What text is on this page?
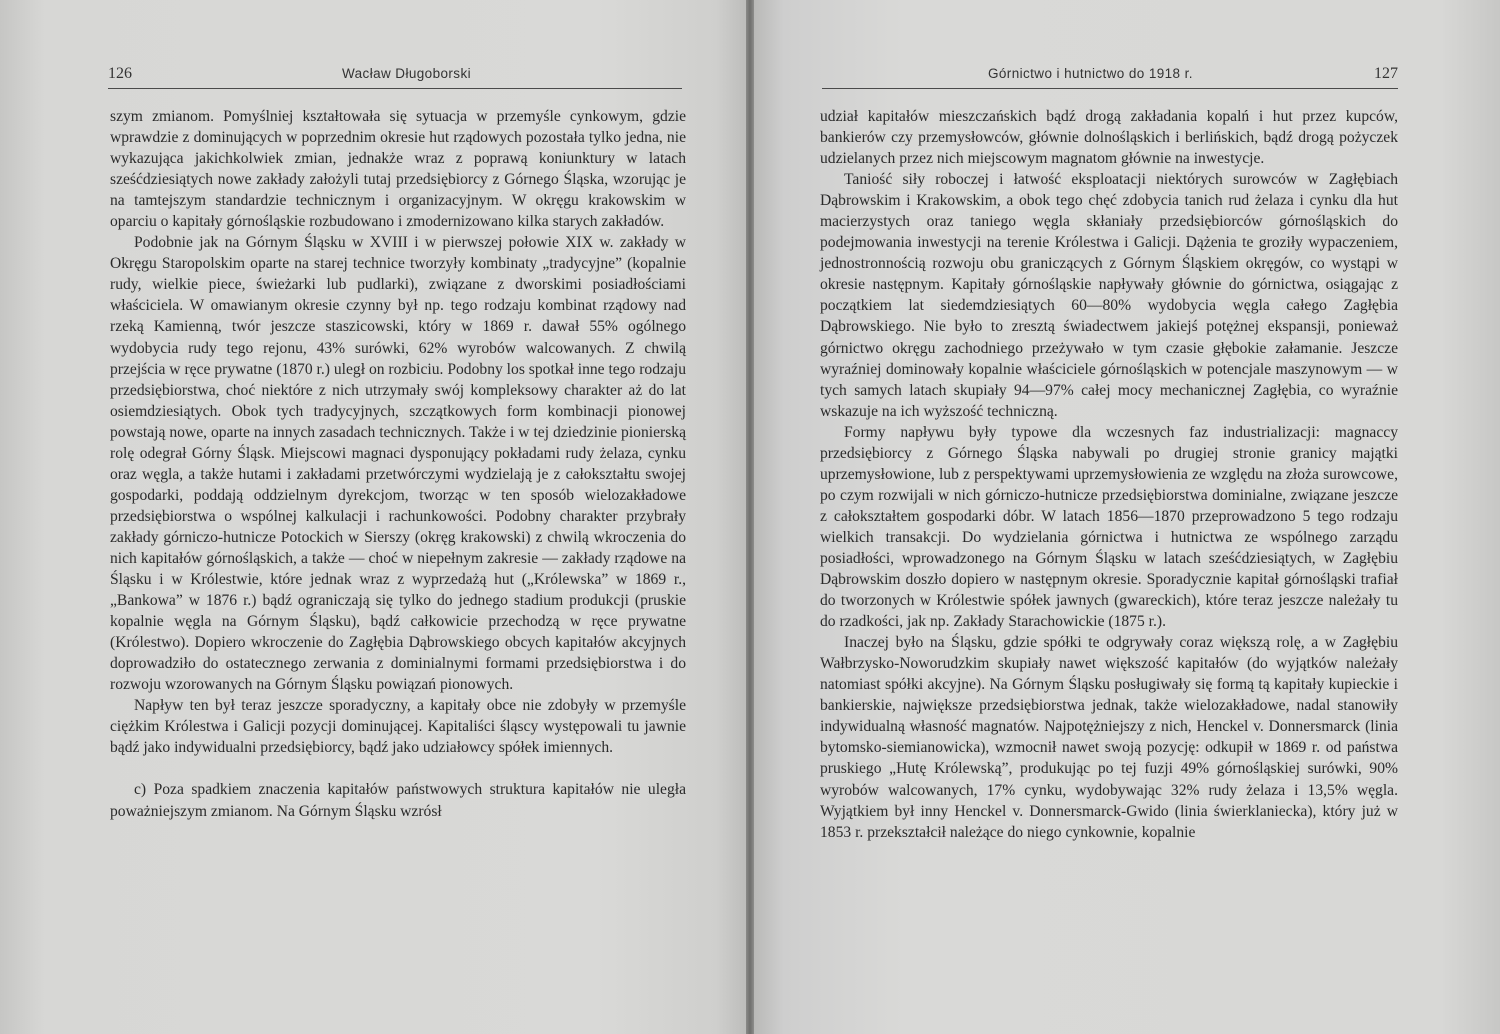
126	Wacław Długoborski

szym zmianom. Pomyślniej kształtowała się sytuacja w przemyśle cynkowym, gdzie wprawdzie z dominujących w poprzednim okresie hut rządowych pozostała tylko jedna, nie wykazująca jakichkolwiek zmian, jednakże wraz z poprawą koniunktury w latach sześćdziesiątych nowe zakłady założyli tutaj przedsiębiorcy z Górnego Śląska, wzorując je na tamtejszym standardzie technicznym i organizacyjnym. W okręgu krakowskim w oparciu o kapitały górnośląskie rozbudowano i zmodernizowano kilka starych zakładów.

Podobnie jak na Górnym Śląsku w XVIII i w pierwszej połowie XIX w. zakłady w Okręgu Staropolskim oparte na starej technice tworzyły kombinaty „tradycyjne” (kopalnie rudy, wielkie piece, świeżarki lub pudlarki), związane z dworskimi posiadłościami właściciela. W omawianym okresie czynny był np. tego rodzaju kombinat rządowy nad rzeką Kamienną, twór jeszcze staszicowski, który w 1869 r. dawał 55% ogólnego wydobycia rudy tego rejonu, 43% surówki, 62% wyrobów walcowanych. Z chwilą przejścia w ręce prywatne (1870 r.) uległ on rozbiciu. Podobny los spotkał inne tego rodzaju przedsiębiorstwa, choć niektóre z nich utrzymały swój kompleksowy charakter aż do lat osiemdziesiątych. Obok tych tradycyjnych, szczątkowych form kombinacji pionowej powstają nowe, oparte na innych zasadach technicznych. Także i w tej dziedzinie pionierską rolę odegrał Górny Śląsk. Miejscowi magnaci dysponujący pokładami rudy żelaza, cynku oraz węgla, a także hutami i zakładami przetwórczymi wydzielają je z całokształtu swojej gospodarki, poddają oddzielnym dyrekcjom, tworząc w ten sposób wielozakładowe przedsiębiorstwa o wspólnej kalkulacji i rachunkowości. Podobny charakter przybrały zakłady górniczo-hutnicze Potockich w Sierszy (okręg krakowski) z chwilą wkroczenia do nich kapitałów górnośląskich, a także — choć w niepełnym zakresie — zakłady rządowe na Śląsku i w Królestwie, które jednak wraz z wyprzedażą hut („Królewska” w 1869 r., „Bankowa” w 1876 r.) bądź ograniczają się tylko do jednego stadium produkcji (pruskie kopalnie węgla na Górnym Śląsku), bądź całkowicie przechodzą w ręce prywatne (Królestwo). Dopiero wkroczenie do Zagłębia Dąbrowskiego obcych kapitałów akcyjnych doprowadziło do ostatecznego zerwania z dominialnymi formami przedsiębiorstwa i do rozwoju wzorowanych na Górnym Śląsku powiązań pionowych.

Napływ ten był teraz jeszcze sporadyczny, a kapitały obce nie zdobyły w przemyśle ciężkim Królestwa i Galicji pozycji dominującej. Kapitaliści śląscy występowali tu jawnie bądź jako indywidualni przedsiębiorcy, bądź jako udziałowcy spółek imiennych.

c) Poza spadkiem znaczenia kapitałów państwowych struktura kapitałów nie uległa poważniejszym zmianom. Na Górnym Śląsku wzrósł

Górnictwo i hutnictwo do 1918 r.	127

udział kapitałów mieszczańskich bądź drogą zakładania kopalń i hut przez kupców, bankierów czy przemysłowców, głównie dolnośląskich i berlińskich, bądź drogą pożyczek udzielanych przez nich miejscowym magnatom głównie na inwestycje.

Taniość siły roboczej i łatwość eksploatacji niektórych surowców w Zagłębiach Dąbrowskim i Krakowskim, a obok tego chęć zdobycia tanich rud żelaza i cynku dla hut macierzystych oraz taniego węgla skłaniały przedsiębiorców górnośląskich do podejmowania inwestycji na terenie Królestwa i Galicji. Dążenia te groziły wypaczeniem, jednostronnością rozwoju obu graniczących z Górnym Śląskiem okręgów, co wystąpi w okresie następnym. Kapitały górnośląskie napływały głównie do górnictwa, osiągając z początkiem lat siedemdziesiątych 60—80% wydobycia węgla całego Zagłębia Dąbrowskiego. Nie było to zresztą świadectwem jakiejś potężnej ekspansji, ponieważ górnictwo okręgu zachodniego przeżywało w tym czasie głębokie załamanie. Jeszcze wyraźniej dominowały kopalnie właściciele górnośląskich w potencjale maszynowym — w tych samych latach skupiały 94—97% całej mocy mechanicznej Zagłębia, co wyraźnie wskazuje na ich wyższość techniczną.

Formy napływu były typowe dla wczesnych faz industrializacji: magnaccy przedsiębiorcy z Górnego Śląska nabywali po drugiej stronie granicy majątki uprzemysłowione, lub z perspektywami uprzemysłowienia ze względu na złoża surowcowe, po czym rozwijali w nich górniczo-hutnicze przedsiębiorstwa dominialne, związane jeszcze z całokształtem gospodarki dóbr. W latach 1856—1870 przeprowadzono 5 tego rodzaju wielkich transakcji. Do wydzielania górnictwa i hutnictwa ze wspólnego zarządu posiadłości, wprowadzonego na Górnym Śląsku w latach sześćdziesiątych, w Zagłębiu Dąbrowskim doszło dopiero w następnym okresie. Sporadycznie kapitał górnośląski trafiał do tworzonych w Królestwie spółek jawnych (gwareckich), które teraz jeszcze należały tu do rzadkości, jak np. Zakłady Starachowickie (1875 r.).

Inaczej było na Śląsku, gdzie spółki te odgrywały coraz większą rolę, a w Zagłębiu Wałbrzysko-Noworudzkim skupiały nawet większość kapitałów (do wyjątków należały natomiast spółki akcyjne). Na Górnym Śląsku posługiwały się formą tą kapitały kupieckie i bankierskie, największe przedsiębiorstwa jednak, także wielozakładowe, nadal stanowiły indywidualną własność magnatów. Najpotężniejszy z nich, Henckel v. Donnersmarck (linia bytomsko-siemianowicka), wzmocnił nawet swoją pozycję: odkupił w 1869 r. od państwa pruskiego „Hutę Królewską”, produkując po tej fuzji 49% górnośląskiej surówki, 90% wyrobów walcowanych, 17% cynku, wydobywając 32% rudy żelaza i 13,5% węgla. Wyjątkiem był inny Henckel v. Donnersmarck-Gwido (linia świerklaniecka), który już w 1853 r. przekształcił należące do niego cynkownie, kopalnie
